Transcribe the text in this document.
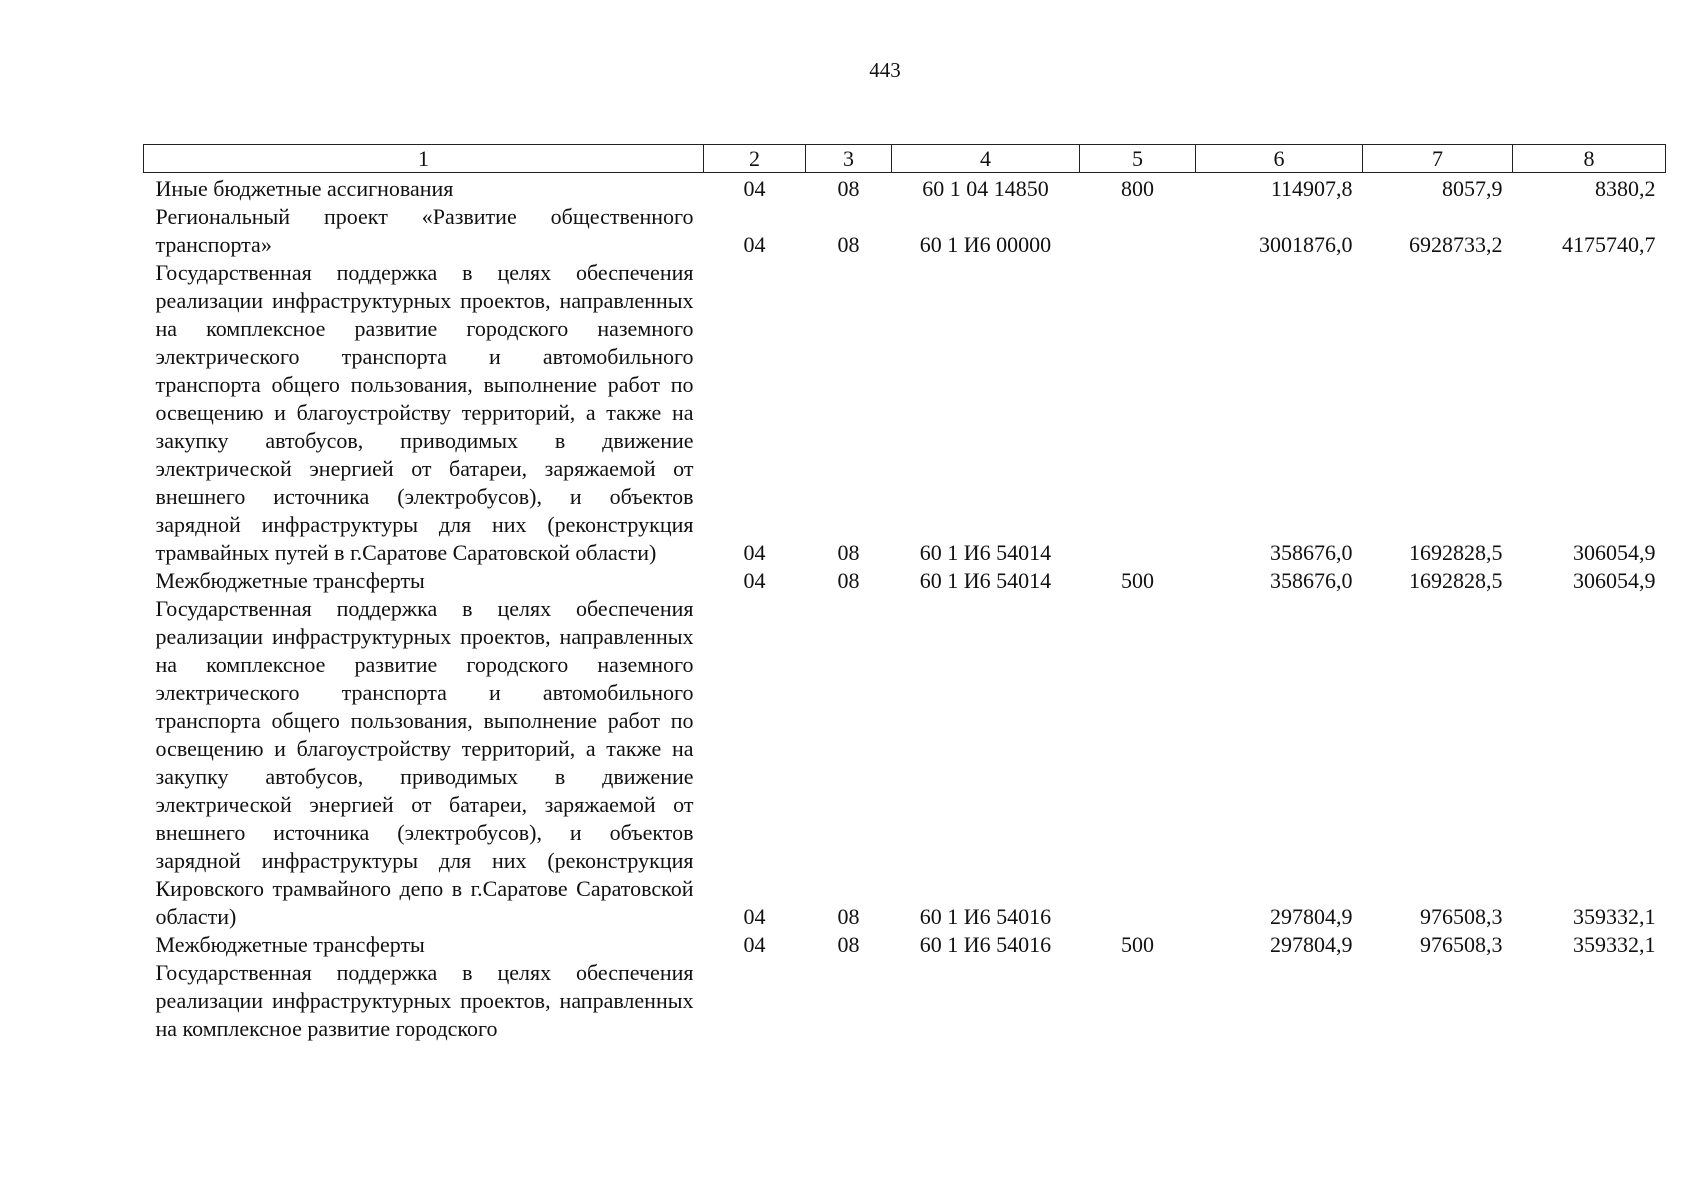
443
1	2	3	4	5	6	7	8
Иные бюджетные ассигнования	04	08	60 1 04 14850	800	114907,8	8057,9	8380,2
Региональный проект «Развитие общественного транспорта»	04	08	60 1 И6 00000		3001876,0	6928733,2	4175740,7
Государственная поддержка в целях обеспечения реализации инфраструктурных проектов, направленных на комплексное развитие городского наземного электрического транспорта и автомобильного транспорта общего пользования, выполнение работ по освещению и благоустройству территорий, а также на закупку автобусов, приводимых в движение электрической энергией от батареи, заряжаемой от внешнего источника (электробусов), и объектов зарядной инфраструктуры для них (реконструкция трамвайных путей в г.Саратове Саратовской области)	04	08	60 1 И6 54014		358676,0	1692828,5	306054,9
Межбюджетные трансферты	04	08	60 1 И6 54014	500	358676,0	1692828,5	306054,9
Государственная поддержка в целях обеспечения реализации инфраструктурных проектов, направленных на комплексное развитие городского наземного электрического транспорта и автомобильного транспорта общего пользования, выполнение работ по освещению и благоустройству территорий, а также на закупку автобусов, приводимых в движение электрической энергией от батареи, заряжаемой от внешнего источника (электробусов), и объектов зарядной инфраструктуры для них (реконструкция Кировского трамвайного депо в г.Саратове Саратовской области)	04	08	60 1 И6 54016		297804,9	976508,3	359332,1
Межбюджетные трансферты	04	08	60 1 И6 54016	500	297804,9	976508,3	359332,1
Государственная поддержка в целях обеспечения реализации инфраструктурных проектов, направленных на комплексное развитие городского							
